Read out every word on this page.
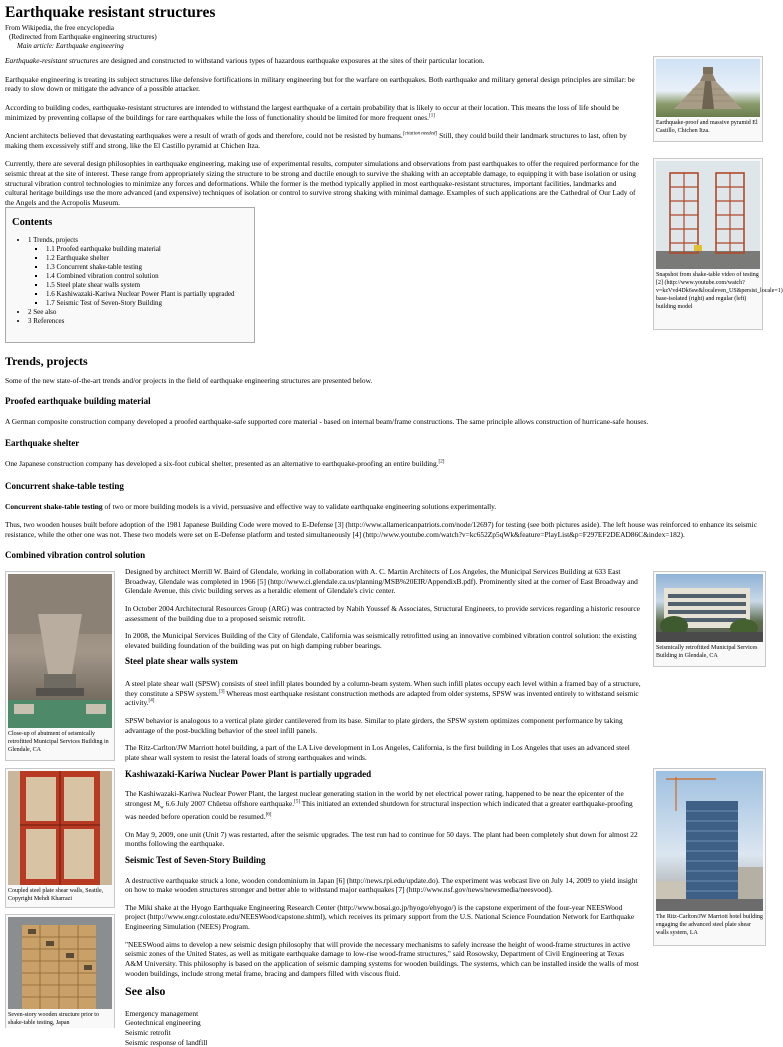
Earthquake resistant structures
From Wikipedia, the free encyclopedia
(Redirected from Earthquake engineering structures)
Main article: Earthquake engineering

Earthquake-resistant structures are designed and constructed to withstand various types of hazardous earthquake exposures at the sites of their particular location.

Earthquake engineering is treating its subject structures like defensive fortifications in military engineering but for the warfare on earthquakes. Both earthquake and military general design principles are similar: be ready to slow down or mitigate the advance of a possible attacker.

According to building codes, earthquake-resistant structures are intended to withstand the largest earthquake of a certain probability that is likely to occur at their location. This means the loss of life should be minimized by preventing collapse of the buildings for rare earthquakes while the loss of functionality should be limited for more frequent ones.[1]

Ancient architects believed that devastating earthquakes were a result of wrath of gods and therefore, could not be resisted by humans.[citation needed] Still, they could build their landmark structures to last, often by making them excessively stiff and strong, like the El Castillo pyramid at Chichen Itza.

Currently, there are several design philosophies in earthquake engineering, making use of experimental results, computer simulations and observations from past earthquakes to offer the required performance for the seismic threat at the site of interest. These range from appropriately sizing the structure to be strong and ductile enough to survive the shaking with an acceptable damage, to equipping it with base isolation or using structural vibration control technologies to minimize any forces and deformations. While the former is the method typically applied in most earthquake-resistant structures, important facilities, landmarks and cultural heritage buildings use the more advanced (and expensive) techniques of isolation or control to survive strong shaking with minimal damage. Examples of such applications are the Cathedral of Our Lady of the Angels and the Acropolis Museum.

Contents
• 1 Trends, projects
▪ 1.1 Proofed earthquake building material
▪ 1.2 Earthquake shelter
▪ 1.3 Concurrent shake-table testing
▪ 1.4 Combined vibration control solution
▪ 1.5 Steel plate shear walls system
▪ 1.6 Kashiwazaki-Kariwa Nuclear Power Plant is partially upgraded
▪ 1.7 Seismic Test of Seven-Story Building
• 2 See also
• 3 References
Trends, projects

Some of the new state-of-the-art trends and/or projects in the field of earthquake engineering structures are presented below.

Proofed earthquake building material

A German composite construction company developed a proofed earthquake-safe supported core material - based on internal beam/frame constructions. The same principle allows construction of hurricane-safe houses.

Earthquake shelter

One Japanese construction company has developed a six-foot cubical shelter, presented as an alternative to earthquake-proofing an entire building.[2]

Concurrent shake-table testing

Concurrent shake-table testing of two or more building models is a vivid, persuasive and effective way to validate earthquake engineering solutions experimentally.

Thus, two wooden houses built before adoption of the 1981 Japanese Building Code were moved to E-Defense [3] (http://www.allamericanpatriots.com/node/12697) for testing (see both pictures aside). The left house was reinforced to enhance its seismic resistance, while the other one was not. These two models were set on E-Defense platform and tested simultaneously [4] (http://www.youtube.com/watch?v=kc652Zp5qWk&feature=PlayList&p=F297EF2DEAD86C&index=182).

Combined vibration control solution

Designed by architect Merrill W. Baird of Glendale, working in collaboration with A. C. Martin Architects of Los Angeles, the Municipal Services Building at 633 East Broadway, Glendale was completed in 1966 [5] (http://www.ci.glendale.ca.us/planning/MSB%20EIR/AppendixB.pdf). Prominently sited at the corner of East Broadway and Glendale Avenue, this civic building serves as a heraldic element of Glendale's civic center.

In October 2004 Architectural Resources Group (ARG) was contracted by Nabih Youssef & Associates, Structural Engineers, to provide services regarding a historic resource assessment of the building due to a proposed seismic retrofit.

In 2008, the Municipal Services Building of the City of Glendale, California was seismically retrofitted using an innovative combined vibration control solution: the existing elevated building foundation of the building was put on high damping rubber bearings.

Steel plate shear walls system

A steel plate shear wall (SPSW) consists of steel infill plates bounded by a column-beam system. When such infill plates occupy each level within a framed bay of a structure, they constitute a SPSW system.[3] Whereas most earthquake resistant construction methods are adapted from older systems, SPSW was invented entirely to withstand seismic activity.[4]

SPSW behavior is analogous to a vertical plate girder cantilevered from its base. Similar to plate girders, the SPSW system optimizes component performance by taking advantage of the post-buckling behavior of the steel infill panels.

The Ritz-Carlton/JW Marriott hotel building, a part of the LA Live development in Los Angeles, California, is the first building in Los Angeles that uses an advanced steel plate shear wall system to resist the lateral loads of strong earthquakes and winds.

Kashiwazaki-Kariwa Nuclear Power Plant is partially upgraded

The Kashiwazaki-Kariwa Nuclear Power Plant, the largest nuclear generating station in the world by net electrical power rating, happened to be near the epicenter of the strongest $M_w$ 6.6 July 2007 Chūetsu offshore earthquake.[5] This initiated an extended shutdown for structural inspection which indicated that a greater earthquake-proofing was needed before operation could be resumed.[6]

On May 9, 2009, one unit (Unit 7) was restarted, after the seismic upgrades. The test run had to continue for 50 days. The plant had been completely shut down for almost 22 months following the earthquake.

Seismic Test of Seven-Story Building

A destructive earthquake struck a lone, wooden condominium in Japan [6] (http://news.rpi.edu/update.do). The experiment was webcast live on July 14, 2009 to yield insight on how to make wooden structures stronger and better able to withstand major earthquakes [7] (http://www.nsf.gov/news/newsmedia/neesvood).

The Miki shake at the Hyogo Earthquake Engineering Research Center (http://www.bosai.go.jp/hyogo/ehyogo/) is the capstone experiment of the four-year NEESWood project (http://www.engr.colostate.edu/NEESWood/capstone.shtml), which receives its primary support from the U.S. National Science Foundation Network for Earthquake Engineering Simulation (NEES) Program.

"NEESWood aims to develop a new seismic design philosophy that will provide the necessary mechanisms to safely increase the height of wood-frame structures in active seismic zones of the United States, as well as mitigate earthquake damage to low-rise wood-frame structures," said Rosowsky, Department of Civil Engineering at Texas A&M University. This philosophy is based on the application of seismic damping systems for wooden buildings. The systems, which can be installed inside the walls of most wooden buildings, include strong metal frame, bracing and dampers filled with viscous fluid.

See also
Emergency management
Geotechnical engineering
Seismic retrofit
Seismic response of landfill
Earthquake-proof and massive pyramid El Castillo, Chichen Itza.
Snapshot from shake-table video of testing [2] (http://www.youtube.com/watch?v=kzVvd4Dk6sw&localeven_US&persist_locale=1) base-isolated (right) and regular (left) building model
Seismically retrofitted Municipal Services Building in Glendale, CA
The Ritz-Carlton/JW Marriott hotel building engaging the advanced steel plate shear walls system, LA
Close-up of abutment of seismically retrofitted Municipal Services Building in Glendale, CA
Coupled steel plate shear walls, Seattle, Copyright Mehdi Kharrazi
Seven-story wooden structure prior to shake-table testing, Japan
